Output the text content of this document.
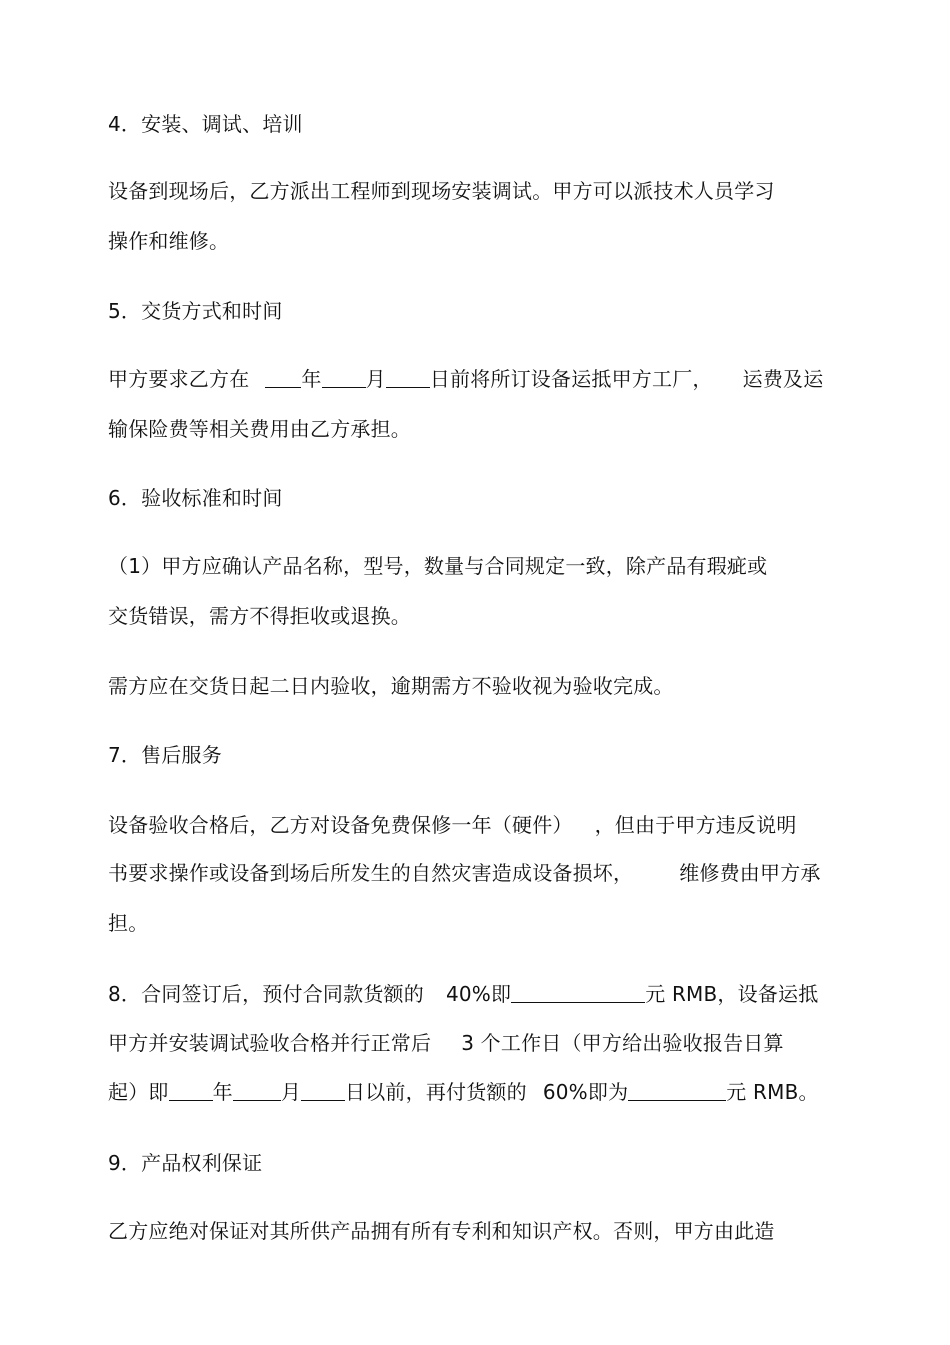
4．安装、调试、培训
设备到现场后，乙方派出工程师到现场安装调试。甲方可以派技术人员学习
操作和维修。
5．交货方式和时间
甲方要求乙方在	年 月 日前将所订设备运抵甲方工厂， 运费及运
输保险费等相关费用由乙方承担。
6．验收标准和时间
（1）甲方应确认产品名称，型号，数量与合同规定一致，除产品有瑕疵或
交货错误，需方不得拒收或退换。
需方应在交货日起二日内验收，逾期需方不验收视为验收完成。
7．售后服务
设备验收合格后，乙方对设备免费保修一年（硬件） ，但由于甲方违反说明
书要求操作或设备到场后所发生的自然灾害造成设备损坏， 维修费由甲方承
担。
8．合同签订后，预付合同款货额的 40%即	元 RMB，设备运抵
甲方并安装调试验收合格并行正常后 3 个工作日（甲方给出验收报告日算
起）即 年 月 日以前，再付货额的 60%即为	元 RMB。
9．产品权利保证
乙方应绝对保证对其所供产品拥有所有专利和知识产权。否则，甲方由此造
